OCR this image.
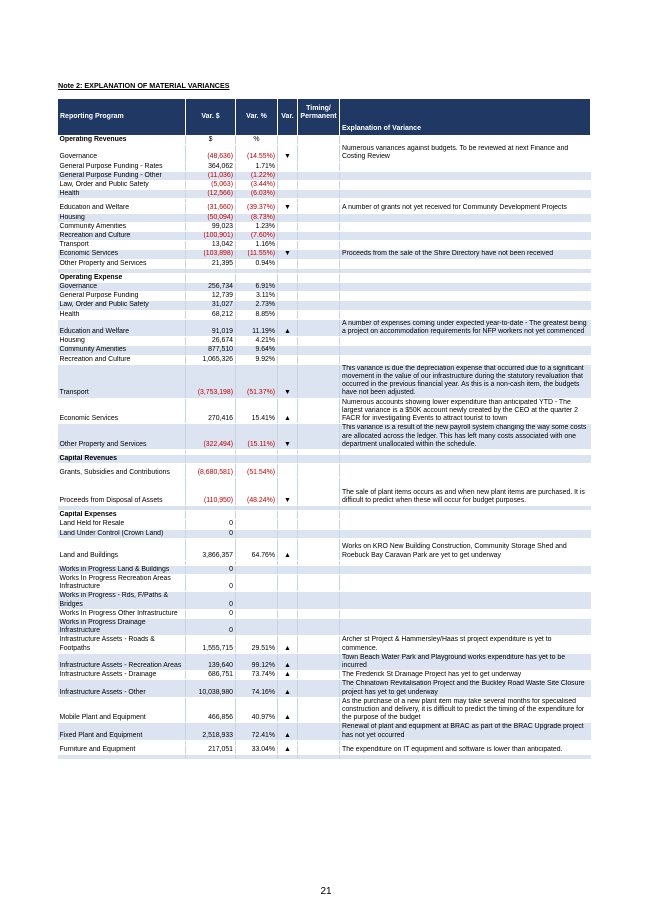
Note 2: EXPLANATION OF MATERIAL VARIANCES
Reporting Program	Var. $	Var. %	Var.	Timing/ Permanent	Explanation of Variance
Operating Revenues	$	%			
Governance	(48,636)	(14.55%)	▼		Numerous variances against budgets. To be reviewed at next Finance and Costing Review
General Purpose Funding - Rates	364,062	1.71%			
General Purpose Funding - Other	(11,036)	(1.22%)			
Law, Order and Public Safety	(5,063)	(3.44%)			
Health	(12,566)	(6.03%)			

Education and Welfare	(31,660)	(39.37%)	▼		A number of grants not yet received for Community Development Projects
Housing	(50,094)	(8.73%)			
Community Amenities	99,023	1.23%			
Recreation and Culture	(100,901)	(7.60%)			
Transport	13,042	1.16%			
Economic Services	(103,898)	(11.55%)	▼		Proceeds from the sale of the Shire Directory have not been received
Other Property and Services	21,395	0.94%			

Operating Expense					
Governance	256,734	6.91%			
General Purpose Funding	12,739	3.11%			
Law, Order and Public Safety	31,027	2.73%			
Health	68,212	8.85%			
Education and Welfare	91,019	11.19%	▲		A number of expenses coming under expected year-to-date - The greatest being a project on accommodation requirements for NFP workers not yet commenced
Housing	26,674	4.21%			
Community Amenities	877,510	9.64%			
Recreation and Culture	1,065,326	9.92%			
Transport	(3,753,198)	(51.37%)	▼		This variance is due the depreciation expense that occurred due to a significant movement in the value of our infrastructure during the statutory revaluation that occurred in the previous financial year. As this is a non-cash item, the budgets have not been adjusted.
Economic Services	270,416	15.41%	▲		Numerous accounts showing lower expenditure than anticipated YTD - The largest variance is a $50K account newly created by the CEO at the quarter 2 FACR for investigating Events to attract tourist to town
Other Property and Services	(322,494)	(15.11%)	▼		This variance is a result of the new payroll system changing the way some costs are allocated across the ledger. This has left many costs associated with one department unallocated within the schedule.

Capital Revenues					
Grants, Subsidies and Contributions	(8,680,581)	(51.54%)			
Proceeds from Disposal of Assets	(110,950)	(48.24%)	▼		The sale of plant items occurs as and when new plant items are purchased. It is difficult to predict when these will occur for budget purposes.

Capital Expenses					
Land Held for Resale	0				
Land Under Control (Crown Land)	0				
Land and Buildings	3,866,357	64.76%	▲		Works on KRO New Building Construction, Community Storage Shed and Roebuck Bay Caravan Park are yet to get underway

Works in Progress Land & Buildings	0				
Works In Progress Recreation Areas Infrastructure	0				
Works in Progress - Rds, F/Paths & Bridges	0				
Works In Progress Other Infrastructure	0				
Works in Progress Drainage Infrastructure	0				
Infrastructure Assets - Roads & Footpaths	1,555,715	29.51%	▲		Archer st Project & Hammersley/Haas st project expenditure is yet to commence.
Infrastructure Assets - Recreation Areas	139,640	99.12%	▲		Town Beach Water Park and Playground works expenditure has yet to be incurred
Infrastructure Assets - Drainage	686,751	73.74%	▲		The Frederick St Drainage Project has yet to get underway
Infrastructure Assets - Other	10,038,980	74.16%	▲		The Chinatown Revitalisation Project and the Buckley Road Waste Site Closure project has yet to get underway
Mobile Plant and Equipment	466,856	40.97%	▲		As the purchase of a new plant item may take several months for specialised construction and delivery, it is difficult to predict the timing of the expenditure for the purpose of the budget
Fixed Plant and Equipment	2,518,933	72.41%	▲		Renewal of plant and equipment at BRAC as part of the BRAC Upgrade project has not yet occurred

Furniture and Equipment	217,051	33.04%	▲		The expenditure on IT equipment and software is lower than anticipated.

21
